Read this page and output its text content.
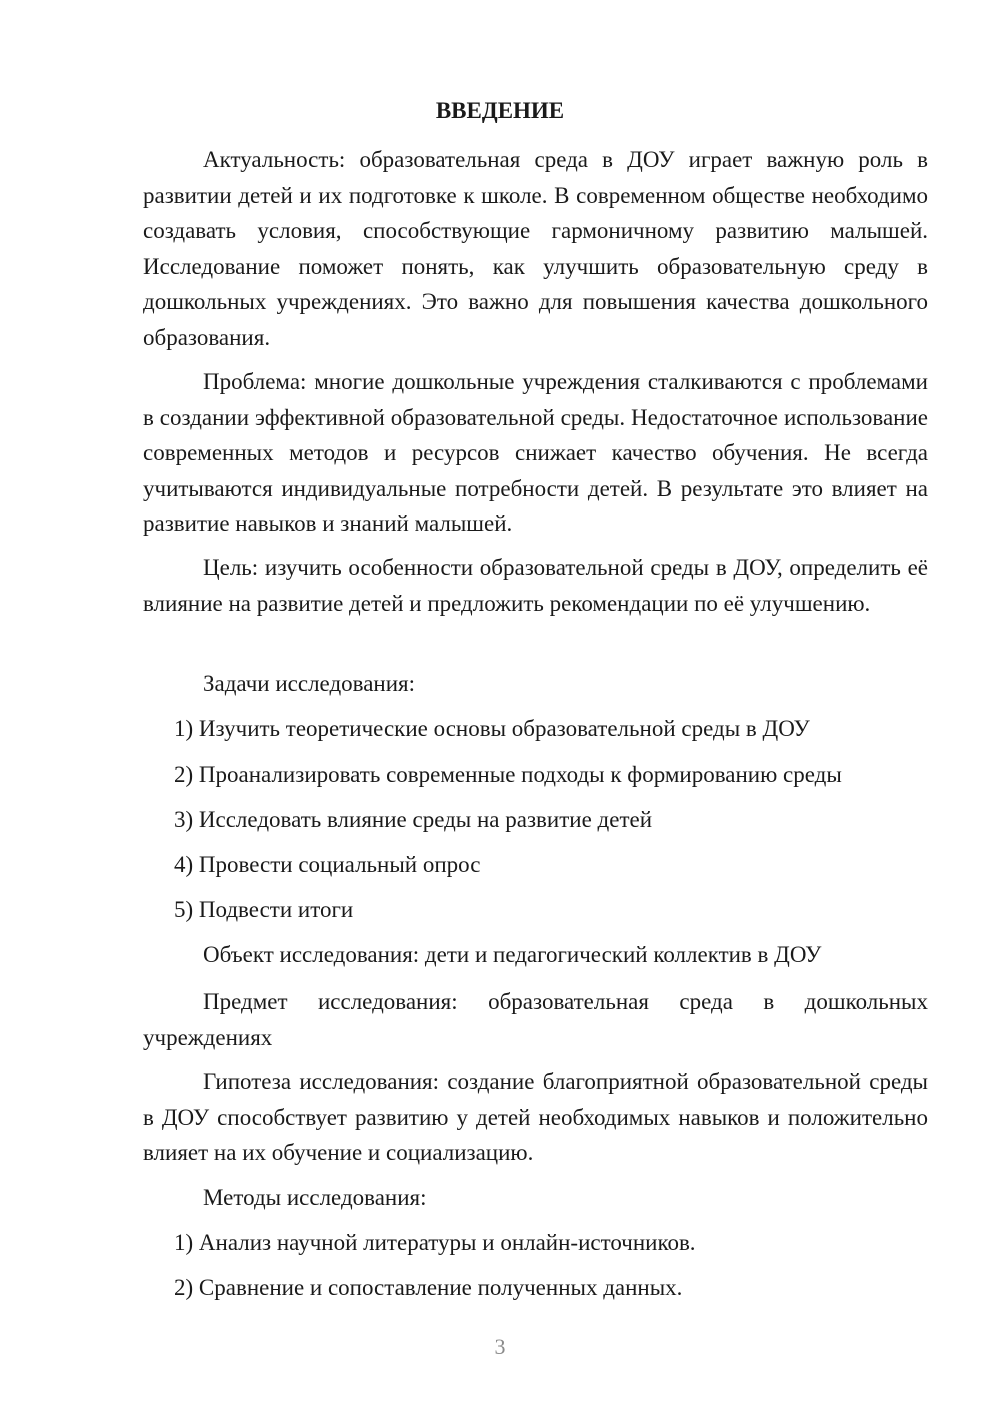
ВВЕДЕНИЕ

Актуальность: образовательная среда в ДОУ играет важную роль в развитии детей и их подготовке к школе. В современном обществе необходимо создавать условия, способствующие гармоничному развитию малышей. Исследование поможет понять, как улучшить образовательную среду в дошкольных учреждениях. Это важно для повышения качества дошкольного образования.

Проблема: многие дошкольные учреждения сталкиваются с проблемами в создании эффективной образовательной среды. Недостаточное использование современных методов и ресурсов снижает качество обучения. Не всегда учитываются индивидуальные потребности детей. В результате это влияет на развитие навыков и знаний малышей.

Цель: изучить особенности образовательной среды в ДОУ, определить её влияние на развитие детей и предложить рекомендации по её улучшению.

Задачи исследования:
1) Изучить теоретические основы образовательной среды в ДОУ
2) Проанализировать современные подходы к формированию среды
3) Исследовать влияние среды на развитие детей
4) Провести социальный опрос
5) Подвести итоги
Объект исследования: дети и педагогический коллектив в ДОУ

Предмет исследования: образовательная среда в дошкольных учреждениях

Гипотеза исследования: создание благоприятной образовательной среды в ДОУ способствует развитию у детей необходимых навыков и положительно влияет на их обучение и социализацию.

Методы исследования:
1) Анализ научной литературы и онлайн-источников.
2) Сравнение и сопоставление полученных данных.
3
